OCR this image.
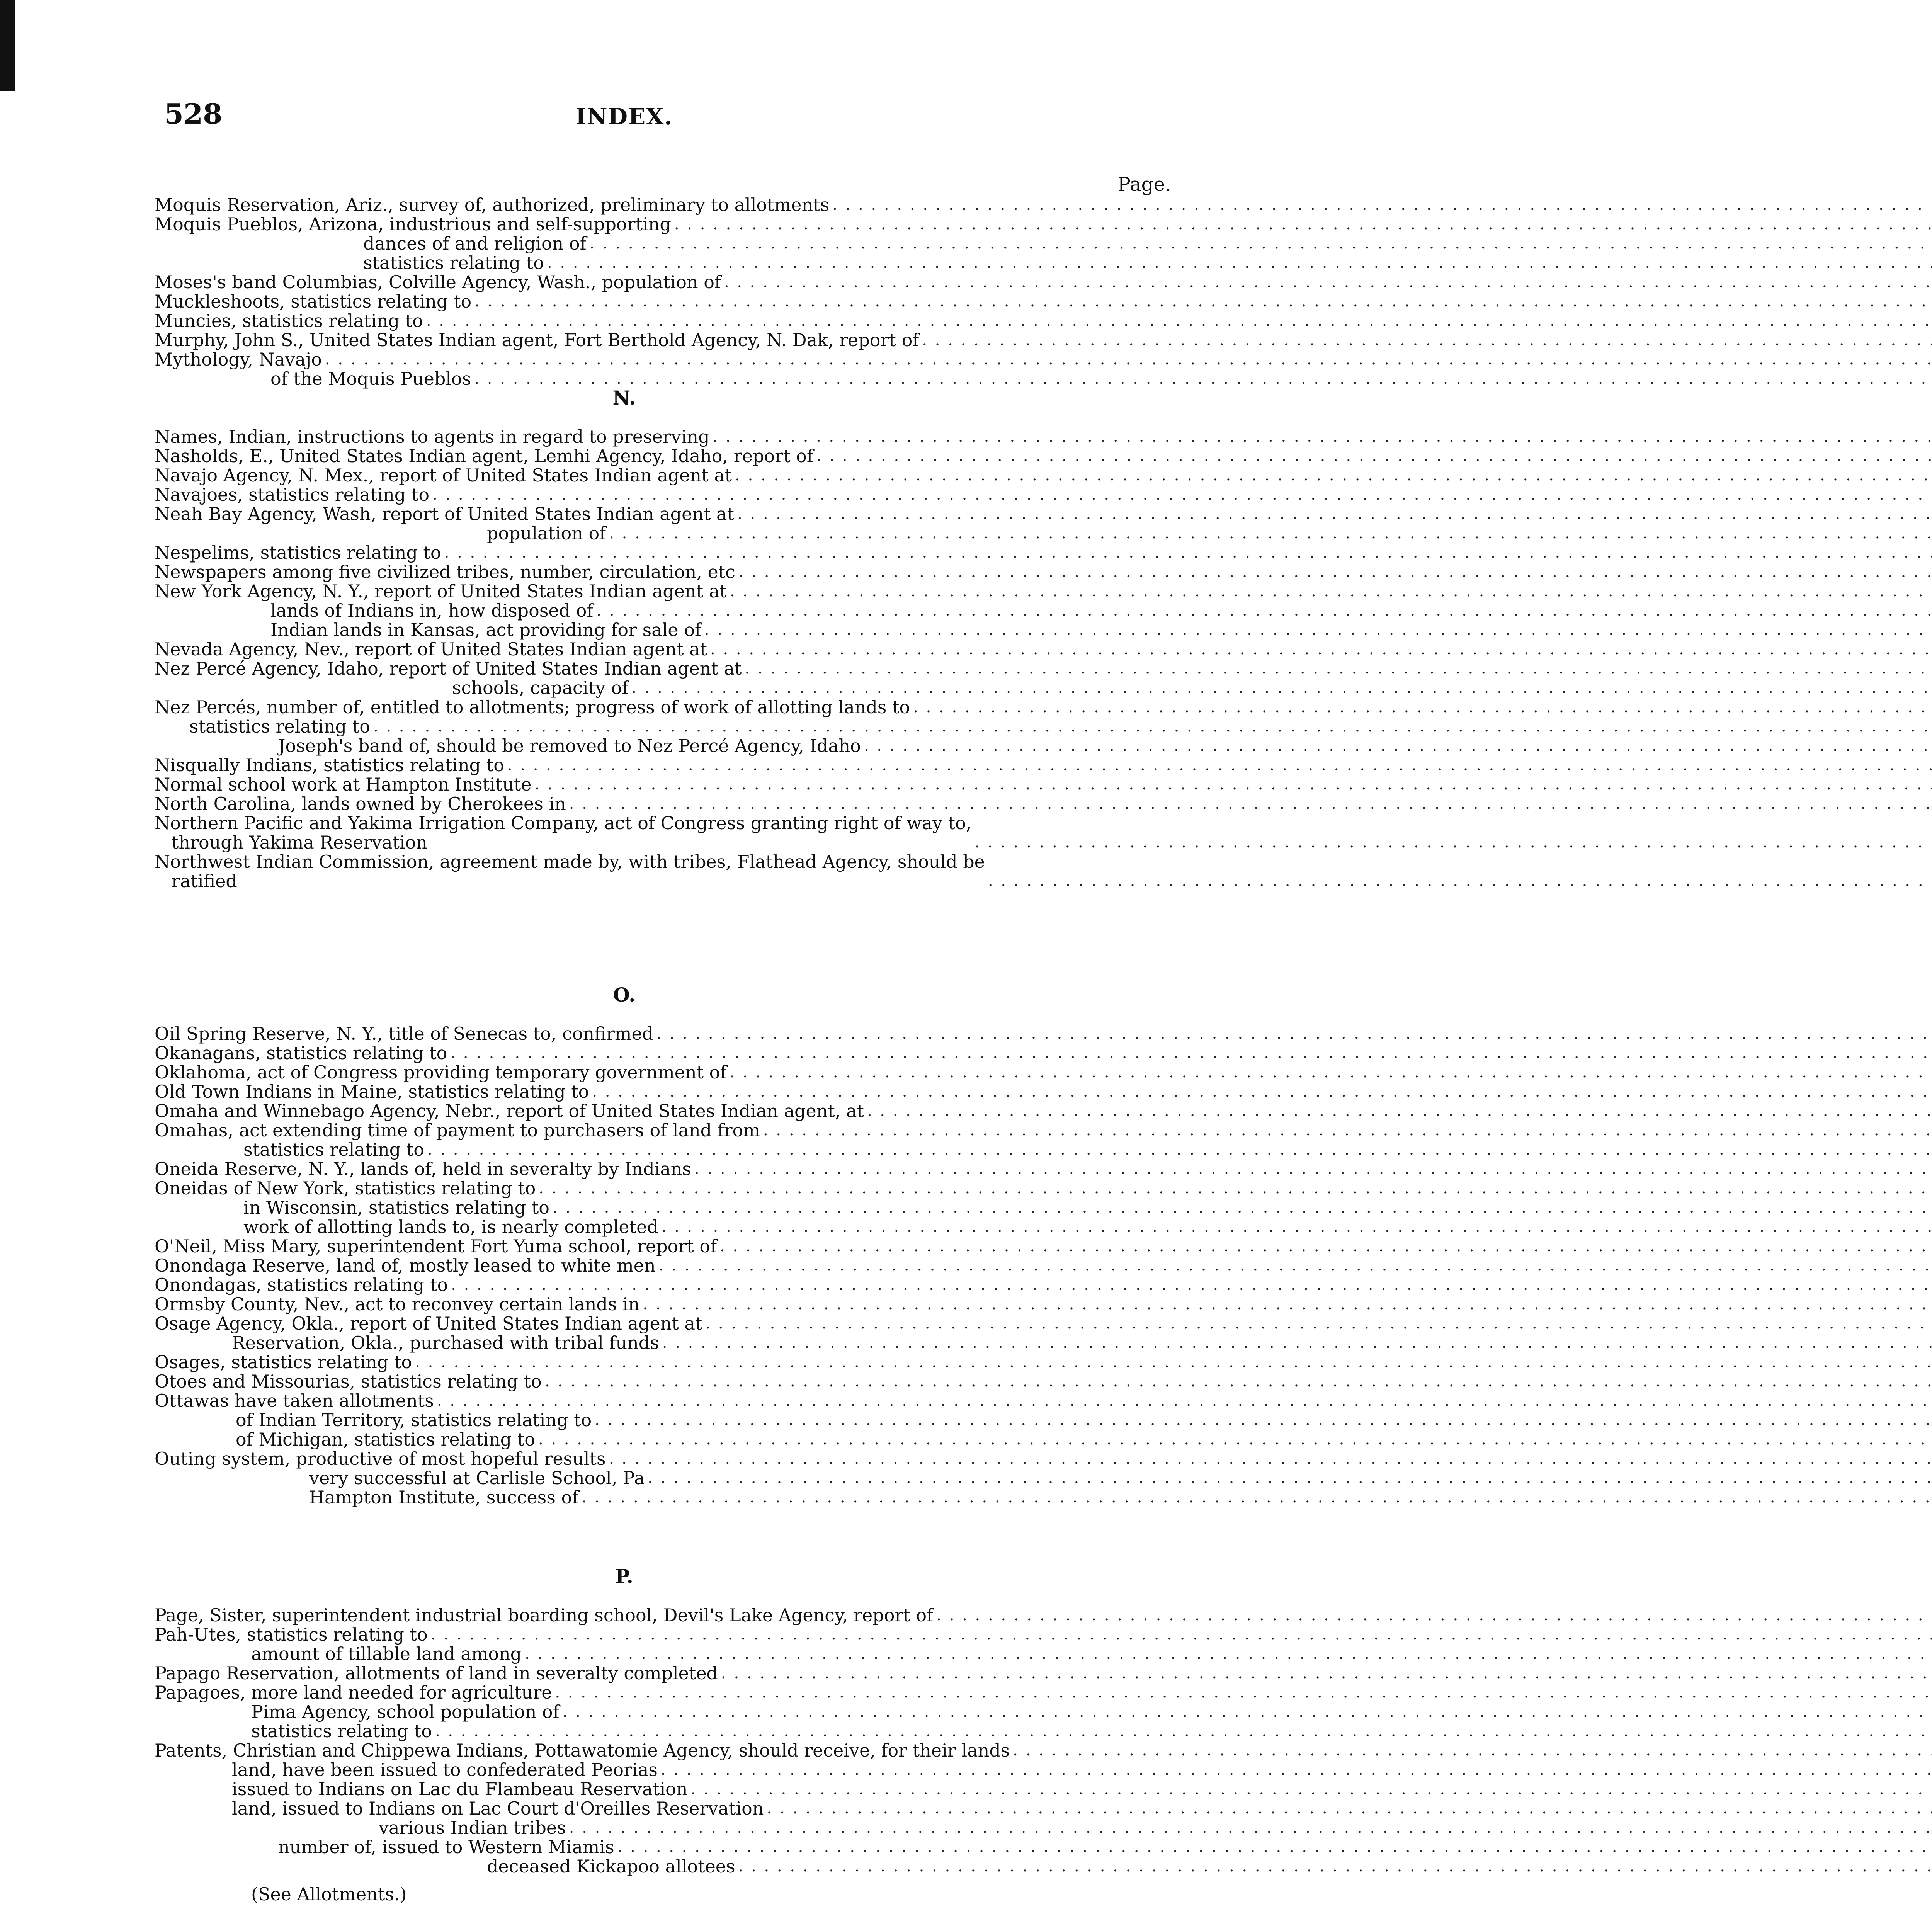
528	INDEX.
Page.
Moquis Reservation, Ariz., survey of, authorized, preliminary to allotments
. . .
Moquis Pueblos, Arizona, industrious and self-supporting
. . .
dances of and religion of
. . .
statistics relating to
. . .
Moses's band Columbias, Colville Agency, Wash., population of
. . .
Muckleshoots, statistics relating to
. . .
Muncies, statistics relating to
. . .
Murphy, John S., United States Indian agent, Fort Berthold Agency, N. Dak, report of
. . .
Mythology, Navajo
. . .
of the Moquis Pueblos
. . .
N.
Names, Indian, instructions to agents in regard to preserving
. . .
Nasholds, E., United States Indian agent, Lemhi Agency, Idaho, report of
. . .
Navajo Agency, N. Mex., report of United States Indian agent at
. . .
Navajoes, statistics relating to
. . .
Neah Bay Agency, Wash, report of United States Indian agent at
. . .
population of
. . .
Nespelims, statistics relating to
. . .
Newspapers among five civilized tribes, number, circulation, etc
. . .
New York Agency, N. Y., report of United States Indian agent at
. . .
lands of Indians in, how disposed of
. . .
Indian lands in Kansas, act providing for sale of
. . .
Nevada Agency, Nev., report of United States Indian agent at
. . .
Nez Percé Agency, Idaho, report of United States Indian agent at
. . .
schools, capacity of
. . .
Nez Percés, number of, entitled to allotments; progress of work of allotting lands to
. . .
statistics relating to
. . .
Joseph's band of, should be removed to Nez Percé Agency, Idaho
. . .
Nisqually Indians, statistics relating to
. . .
Normal school work at Hampton Institute
. . .
North Carolina, lands owned by Cherokees in
. . .
Northern Pacific and Yakima Irrigation Company, act of Congress granting right of way to,
through Yakima Reservation
. . .
Northwest Indian Commission, agreement made by, with tribes, Flathead Agency, should be
ratified
. . .
O.
Oil Spring Reserve, N. Y., title of Senecas to, confirmed
. . .
Okanagans, statistics relating to
. . .
Oklahoma, act of Congress providing temporary government of
. . .
Old Town Indians in Maine, statistics relating to
. . .
Omaha and Winnebago Agency, Nebr., report of United States Indian agent, at
. . .
Omahas, act extending time of payment to purchasers of land from
. . .
statistics relating to
. . .
Oneida Reserve, N. Y., lands of, held in severalty by Indians
. . .
Oneidas of New York, statistics relating to
. . .
in Wisconsin, statistics relating to
. . .
work of allotting lands to, is nearly completed
. . .
O'Neil, Miss Mary, superintendent Fort Yuma school, report of
. . .
Onondaga Reserve, land of, mostly leased to white men
. . .
Onondagas, statistics relating to
. . .
Ormsby County, Nev., act to reconvey certain lands in
. . .
Osage Agency, Okla., report of United States Indian agent at
. . .
Reservation, Okla., purchased with tribal funds
. . .
Osages, statistics relating to
. . .
Otoes and Missourias, statistics relating to
. . .
Ottawas have taken allotments
. . .
of Indian Territory, statistics relating to
. . .
of Michigan, statistics relating to
. . .
Outing system, productive of most hopeful results
. . .
very successful at Carlisle School, Pa
. . .
Hampton Institute, success of
. . .
P.
Page, Sister, superintendent industrial boarding school, Devil's Lake Agency, report of
. . .
Pah-Utes, statistics relating to
. . .
amount of tillable land among
. . .
Papago Reservation, allotments of land in severalty completed
. . .
Papagoes, more land needed for agriculture
. . .
Pima Agency, school population of
. . .
statistics relating to
. . .
Patents, Christian and Chippewa Indians, Pottawatomie Agency, should receive, for their lands
. . .
land, have been issued to confederated Peorias
. . .
issued to Indians on Lac du Flambeau Reservation
. . .
land, issued to Indians on Lac Court d'Oreilles Reservation
. . .
various Indian tribes
. . .
number of, issued to Western Miamis
. . .
deceased Kickapoo allotees
. . .
(See Allotments.)
